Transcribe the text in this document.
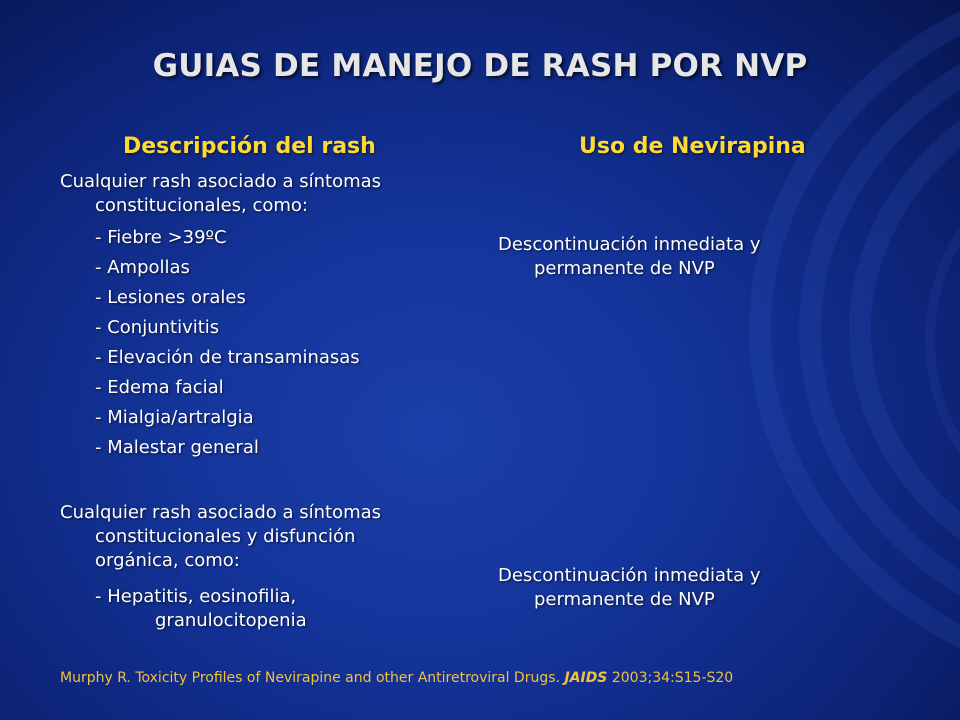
GUIAS DE MANEJO DE RASH POR NVP
Descripción del rash	Uso de Nevirapina
Cualquier rash asociado a síntomas
constitucionales, como:
- Fiebre >39ºC
- Ampollas
- Lesiones orales
- Conjuntivitis
- Elevación de transaminasas
- Edema facial
- Mialgia/artralgia
- Malestar general
Cualquier rash asociado a síntomas
constitucionales y disfunción
orgánica, como:
- Hepatitis, eosinofilia,
granulocitopenia
Descontinuación inmediata y
permanente de NVP
Descontinuación inmediata y
permanente de NVP
Murphy R. Toxicity Profiles of Nevirapine and other Antiretroviral Drugs. JAIDS 2003;34:S15-S20
